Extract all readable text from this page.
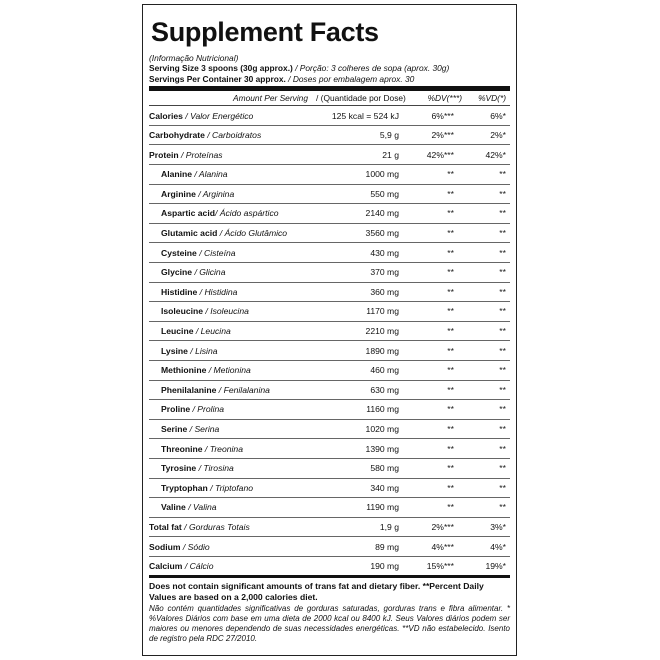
Supplement Facts
(Informação Nutricional)
Serving Size 3 spoons (30g approx.) / Porção: 3 colheres de sopa (aprox. 30g)
Servings Per Container 30 approx. / Doses por embalagem aprox. 30
Amount Per Serving / (Quantidade por Dose)	%DV(***)	%VD(*)
Calories / Valor Energético	125 kcal = 524 kJ	6%***	6%*
Carbohydrate / Carboidratos	5,9 g	2%***	2%*
Protein / Proteínas	21 g	42%***	42%*
Alanine / Alanina	1000 mg	**	**
Arginine / Arginina	550 mg	**	**
Aspartic acid/ Ácido aspártico	2140 mg	**	**
Glutamic acid / Ácido Glutâmico	3560 mg	**	**
Cysteine / Cisteína	430 mg	**	**
Glycine / Glicina	370 mg	**	**
Histidine / Histidina	360 mg	**	**
Isoleucine / Isoleucina	1170 mg	**	**
Leucine / Leucina	2210 mg	**	**
Lysine / Lisina	1890 mg	**	**
Methionine / Metionina	460 mg	**	**
Phenilalanine / Fenilalanina	630 mg	**	**
Proline / Prolina	1160 mg	**	**
Serine / Serina	1020 mg	**	**
Threonine / Treonina	1390 mg	**	**
Tyrosine / Tirosina	580 mg	**	**
Tryptophan / Triptofano	340 mg	**	**
Valine / Valina	1190 mg	**	**
Total fat / Gorduras Totais	1,9 g	2%***	3%*
Sodium / Sódio	89 mg	4%***	4%*
Calcium / Cálcio	190 mg	15%***	19%*
Does not contain significant amounts of trans fat and dietary fiber. **Percent Daily Values are based on a 2,000 calories diet.
Não contém quantidades significativas de gorduras saturadas, gorduras trans e fibra alimentar. * %Valores Diários com base em uma dieta de 2000 kcal ou 8400 kJ. Seus Valores diários podem ser maiores ou menores dependendo de suas necessidades energéticas. **VD não estabelecido. Isento de registro pela RDC 27/2010.
